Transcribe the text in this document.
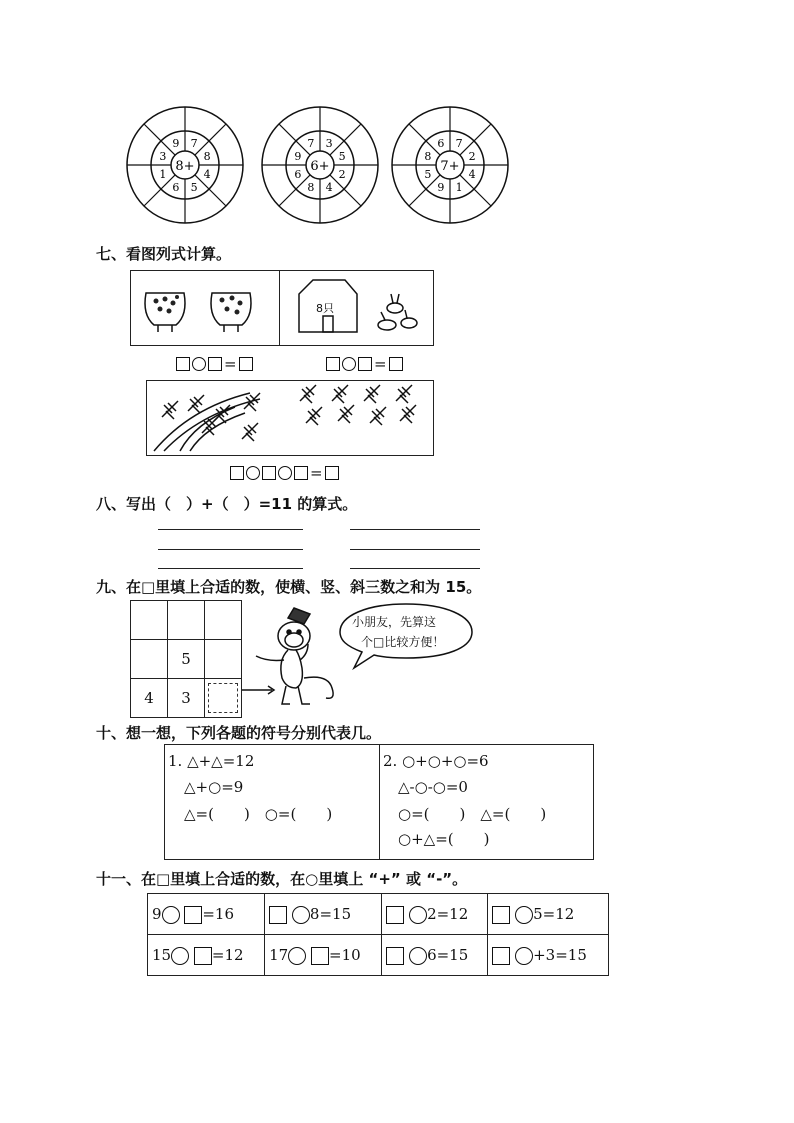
7
8
4
5
6
1
3
9
8+
3
5
2
4
8
6
9
7
6+
7
2
4
1
9
5
8
6
7+
七、看图列式计算。
8只
=	=
=
八、写出（　）+（　）=11 的算式。
九、在□里填上合适的数，使横、竖、斜三数之和为 15。

	5	
4	3	
小朋友，先算这
个□比较方便！
十、想一想，下列各题的符号分别代表几。
1. △+△=12
△+○=9
△=(　　)　○=(　　)
2. ○+○+○=6
△-○-○=0
○=(　　)　△=(　　)
○+△=(　　)
十一、在□里填上合适的数，在○里填上 “+” 或 “-”。
9 =16	8=15	2=12	5=12
15 =12	17 =10	6=15	+3=15
